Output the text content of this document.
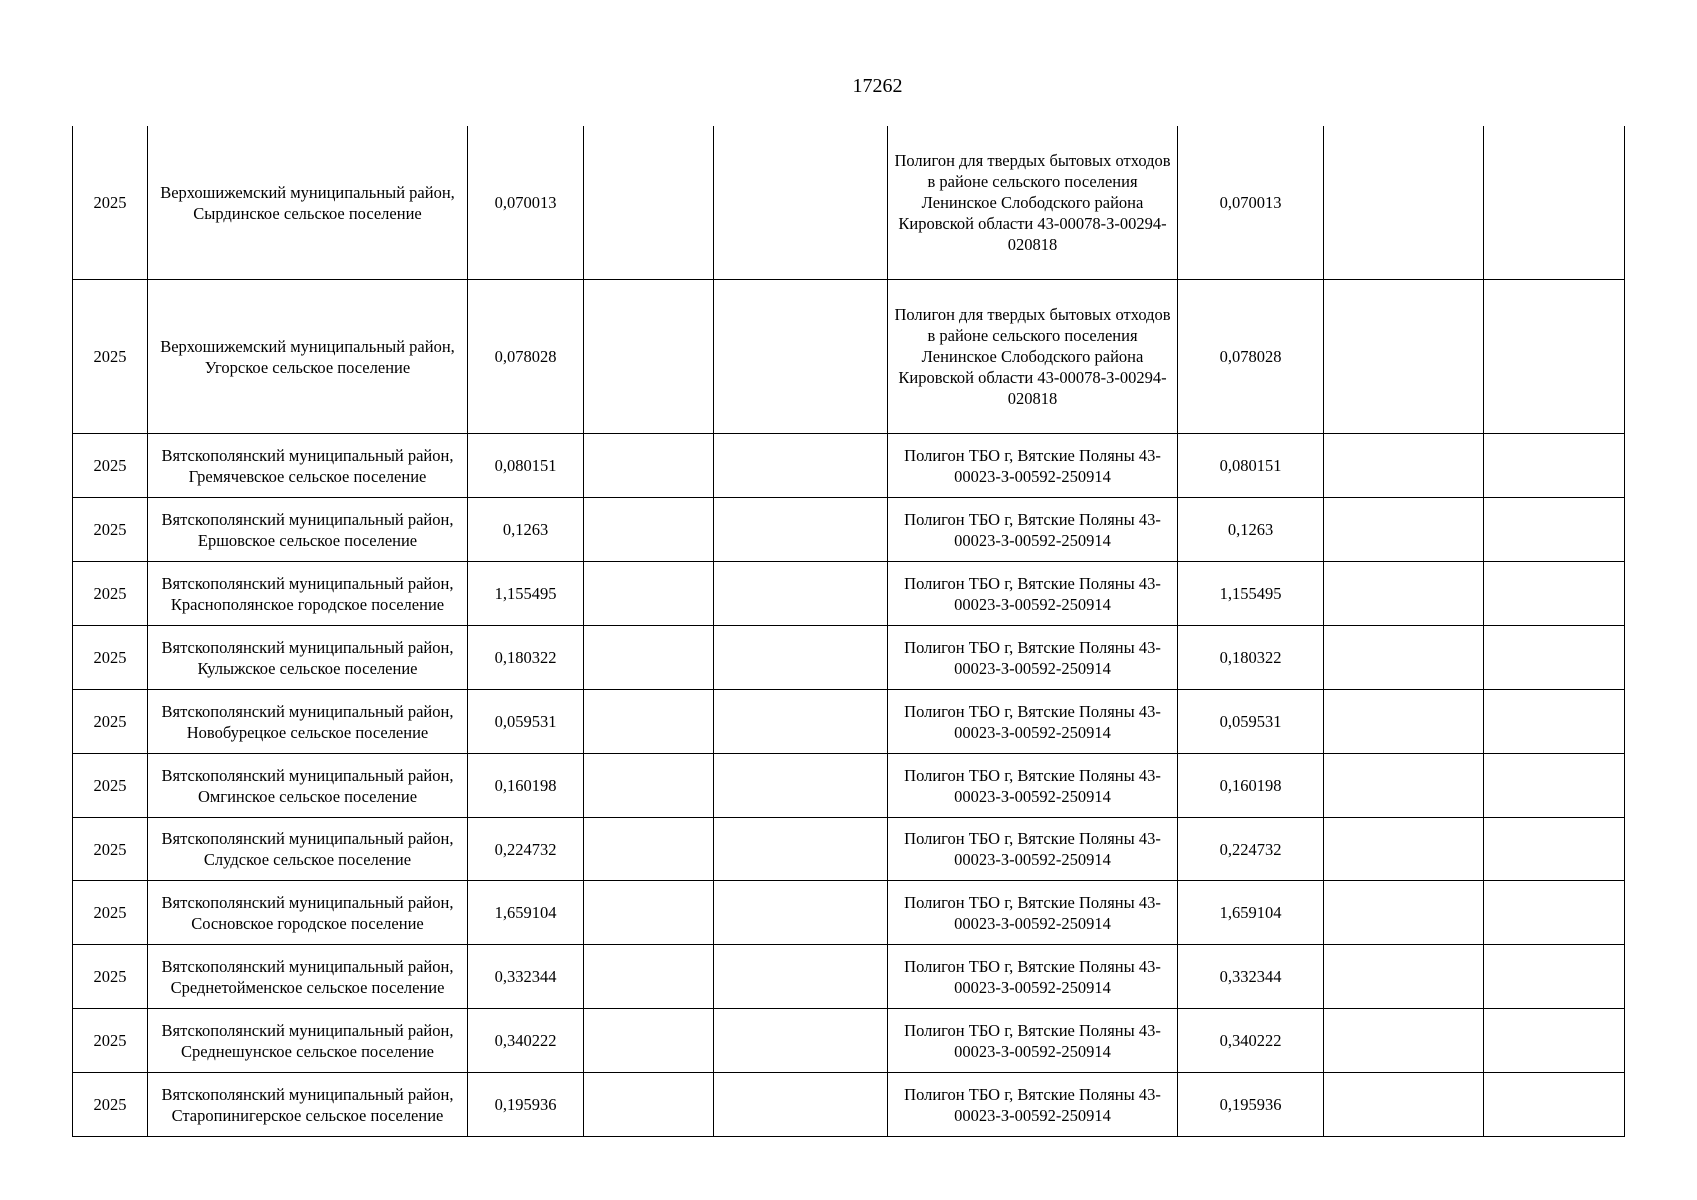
17262
2025	Верхошижемский муниципальный район, Сырдинское сельское поселение	0,070013			Полигон для твердых бытовых отходов в районе сельского поселения Ленинское Слободского района Кировской области 43-00078-З-00294-020818	0,070013		
2025	Верхошижемский муниципальный район, Угорское сельское поселение	0,078028			Полигон для твердых бытовых отходов в районе сельского поселения Ленинское Слободского района Кировской области 43-00078-З-00294-020818	0,078028		
2025	Вятскополянский муниципальный район, Гремячевское сельское поселение	0,080151			Полигон ТБО г, Вятские Поляны 43-00023-З-00592-250914	0,080151		
2025	Вятскополянский муниципальный район, Ершовское сельское поселение	0,1263			Полигон ТБО г, Вятские Поляны 43-00023-З-00592-250914	0,1263		
2025	Вятскополянский муниципальный район, Краснополянское городское поселение	1,155495			Полигон ТБО г, Вятские Поляны 43-00023-З-00592-250914	1,155495		
2025	Вятскополянский муниципальный район, Кулыжское сельское поселение	0,180322			Полигон ТБО г, Вятские Поляны 43-00023-З-00592-250914	0,180322		
2025	Вятскополянский муниципальный район, Новобурецкое сельское поселение	0,059531			Полигон ТБО г, Вятские Поляны 43-00023-З-00592-250914	0,059531		
2025	Вятскополянский муниципальный район, Омгинское сельское поселение	0,160198			Полигон ТБО г, Вятские Поляны 43-00023-З-00592-250914	0,160198		
2025	Вятскополянский муниципальный район, Слудское сельское поселение	0,224732			Полигон ТБО г, Вятские Поляны 43-00023-З-00592-250914	0,224732		
2025	Вятскополянский муниципальный район, Сосновское городское поселение	1,659104			Полигон ТБО г, Вятские Поляны 43-00023-З-00592-250914	1,659104		
2025	Вятскополянский муниципальный район, Среднетойменское сельское поселение	0,332344			Полигон ТБО г, Вятские Поляны 43-00023-З-00592-250914	0,332344		
2025	Вятскополянский муниципальный район, Среднешунское сельское поселение	0,340222			Полигон ТБО г, Вятские Поляны 43-00023-З-00592-250914	0,340222		
2025	Вятскополянский муниципальный район, Старопинигерское сельское поселение	0,195936			Полигон ТБО г, Вятские Поляны 43-00023-З-00592-250914	0,195936		
